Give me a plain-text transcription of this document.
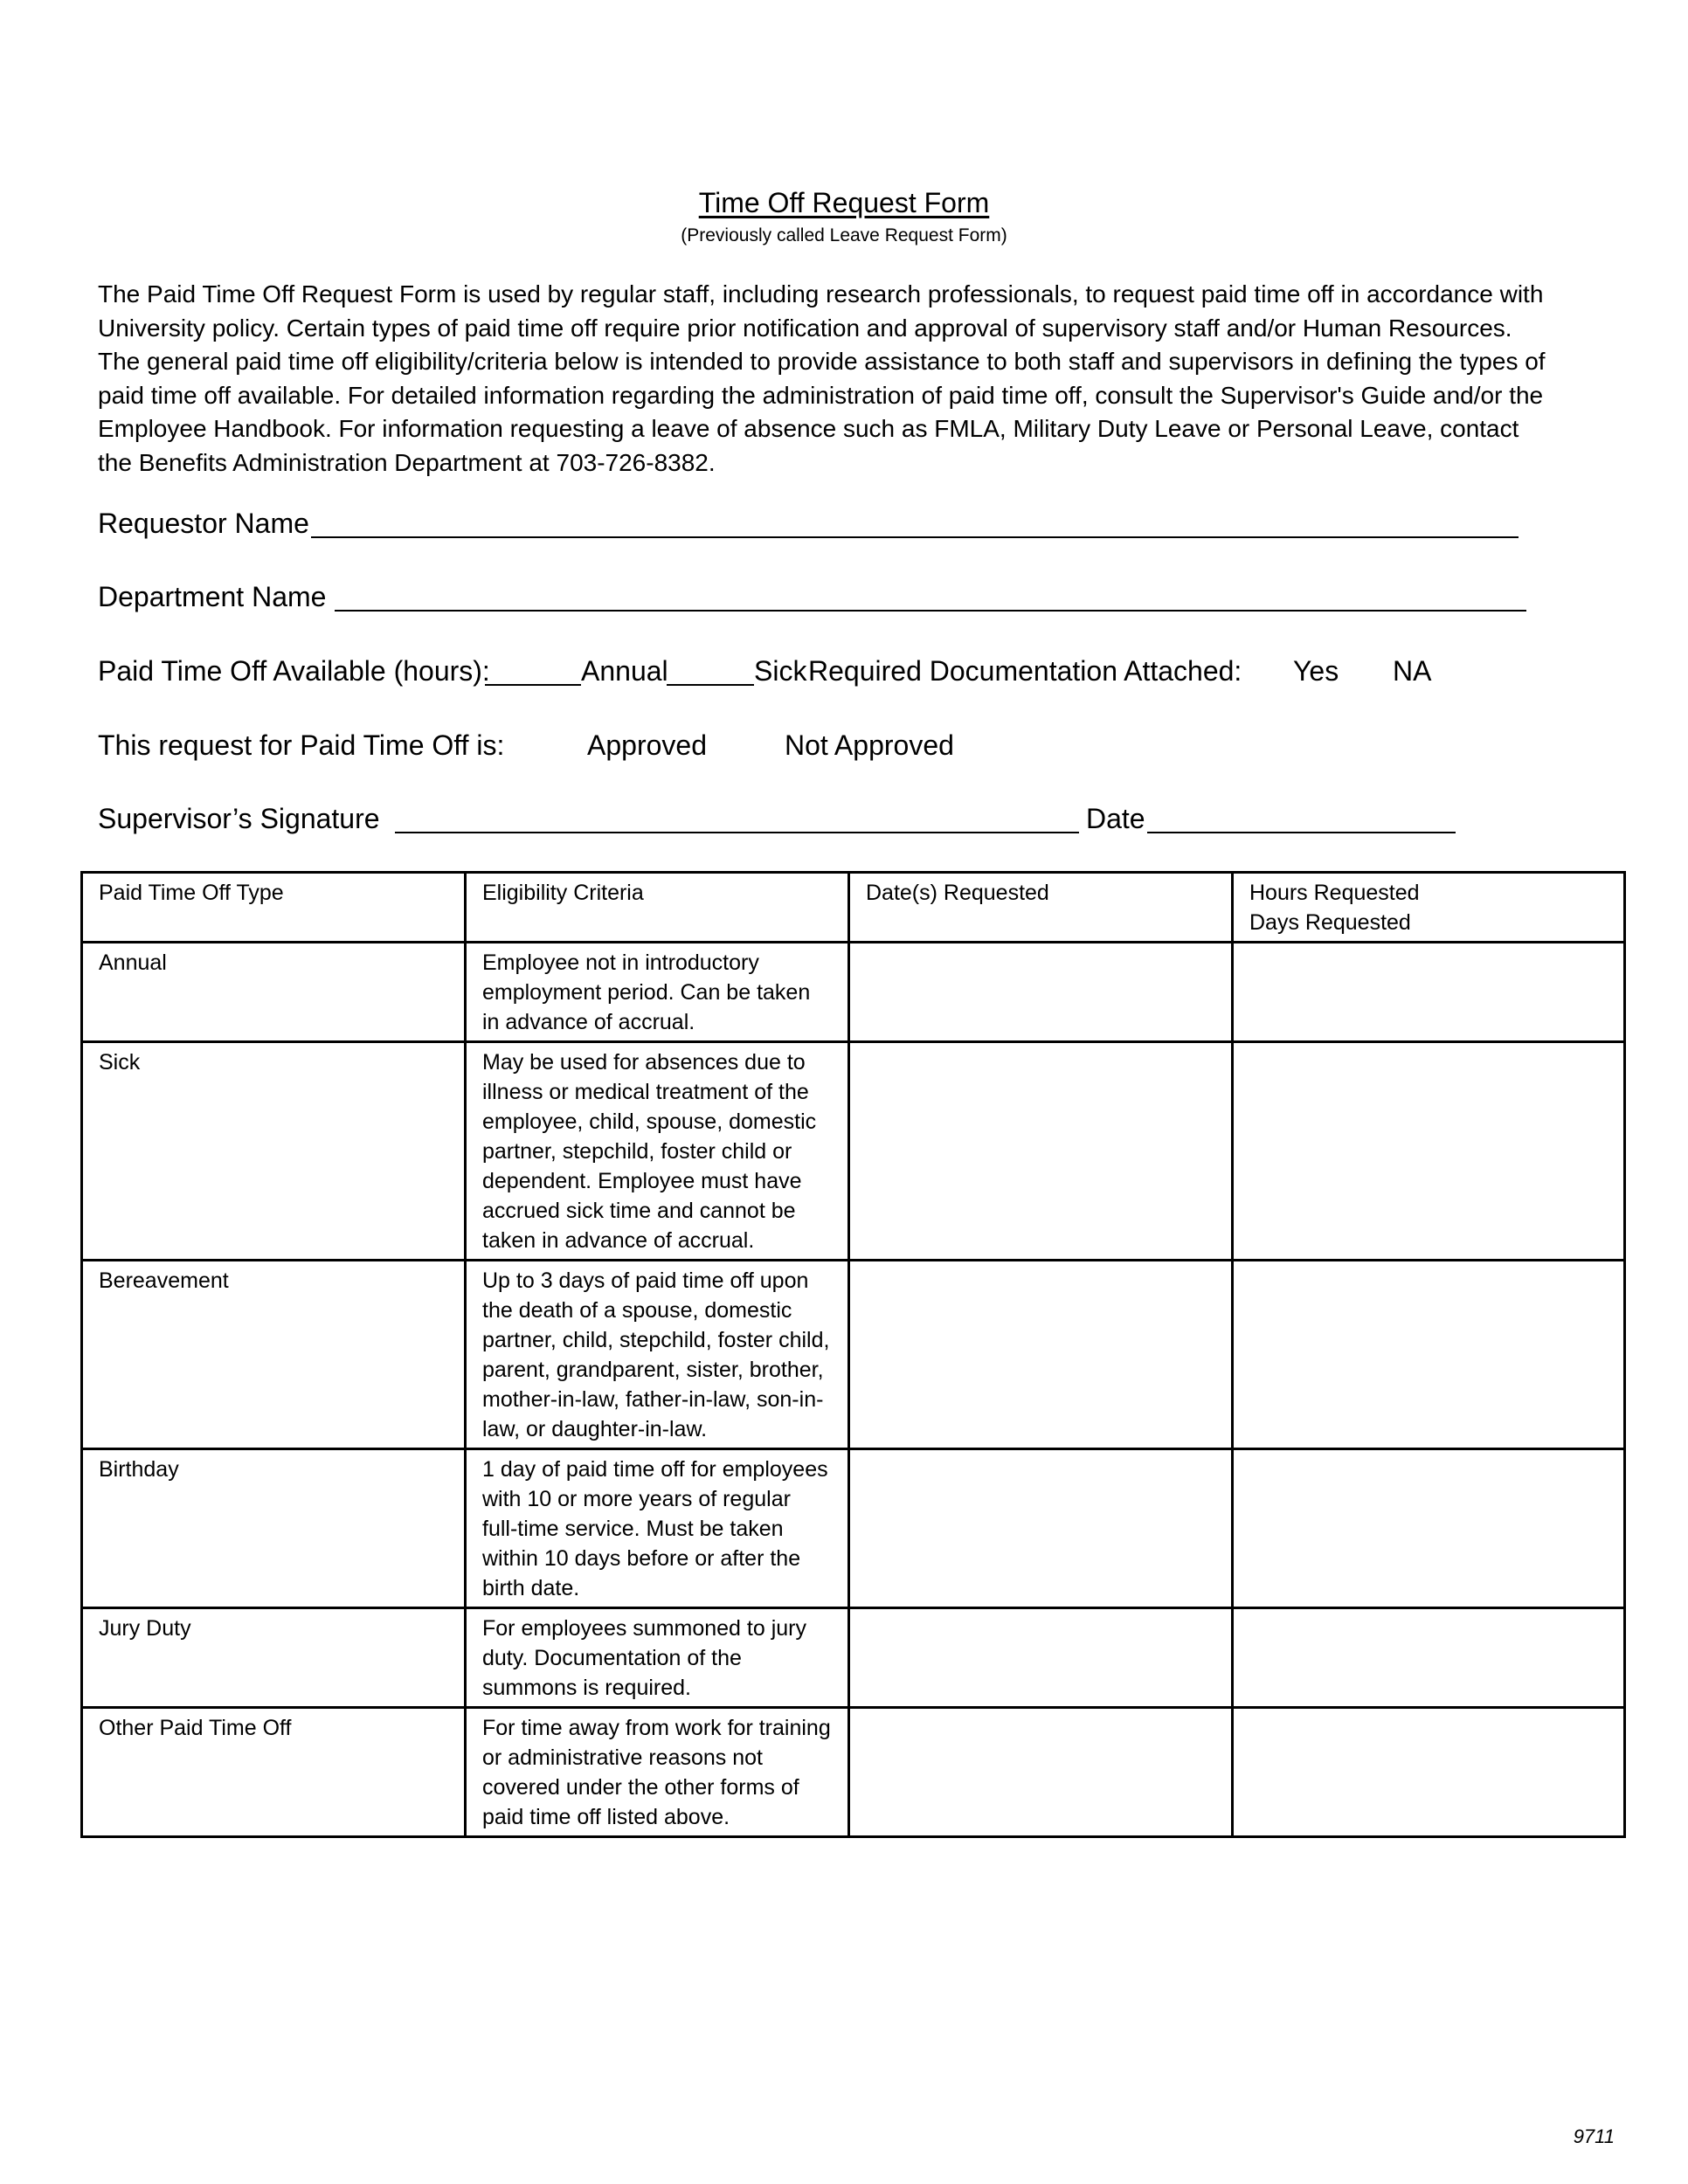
Time Off Request Form
(Previously called Leave Request Form)

The Paid Time Off Request Form is used by regular staff, including research professionals, to request paid time off in accordance with University policy. Certain types of paid time off require prior notification and approval of supervisory staff and/or Human Resources. The general paid time off eligibility/criteria below is intended to provide assistance to both staff and supervisors in defining the types of paid time off available. For detailed information regarding the administration of paid time off, consult the Supervisor's Guide and/or the Employee Handbook. For information requesting a leave of absence such as FMLA, Military Duty Leave or Personal Leave, contact the Benefits Administration Department at 703-726-8382.

Requestor Name
Department Name
Paid Time Off Available (hours):	Annual	Sick Required Documentation Attached: Yes NA
This request for Paid Time Off is:	Approved	Not Approved
Supervisor’s Signature	Date
Paid Time Off Type	Eligibility Criteria	Date(s) Requested	Hours Requested
Days Requested

Annual	Employee not in introductory employment period. Can be taken in advance of accrual.		
Sick	May be used for absences due to illness or medical treatment of the employee, child, spouse, domestic partner, stepchild, foster child or dependent. Employee must have accrued sick time and cannot be taken in advance of accrual.		
Bereavement	Up to 3 days of paid time off upon the death of a spouse, domestic partner, child, stepchild, foster child, parent, grandparent, sister, brother, mother-in-law, father-in-law, son-in-law, or daughter-in-law.		
Birthday	1 day of paid time off for employees with 10 or more years of regular full-time service. Must be taken within 10 days before or after the birth date.		
Jury Duty	For employees summoned to jury duty. Documentation of the summons is required.		
Other Paid Time Off	For time away from work for training or administrative reasons not covered under the other forms of paid time off listed above.		
9711
